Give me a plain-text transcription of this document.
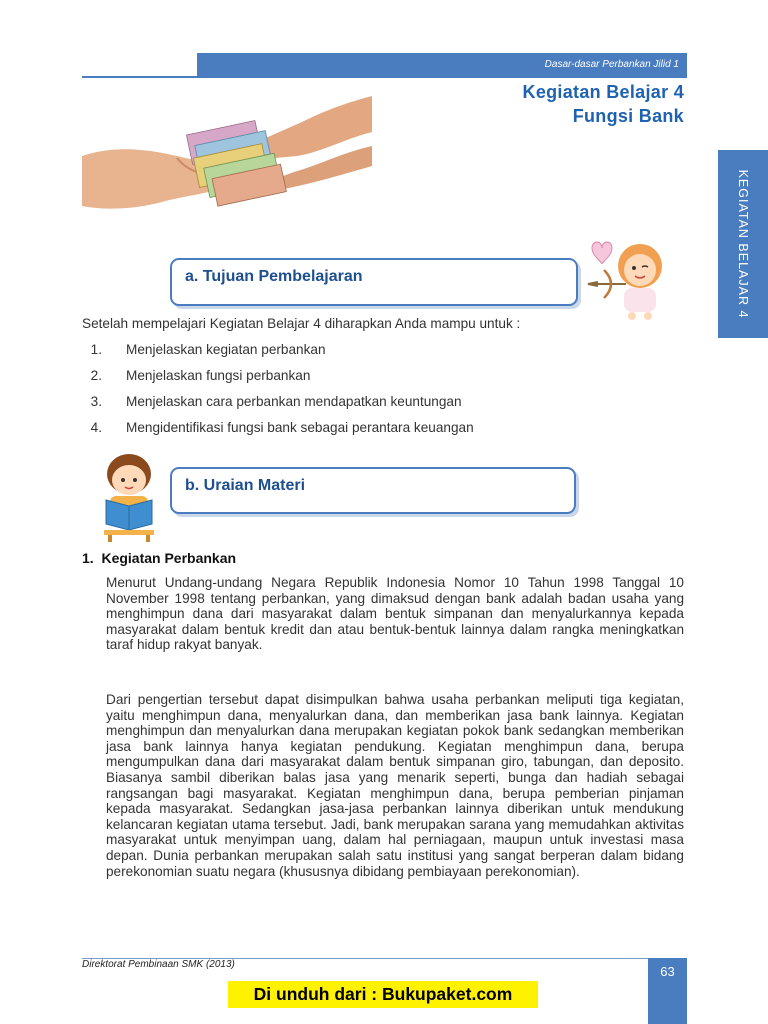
Dasar-dasar Perbankan Jilid 1
Kegiatan Belajar 4
Fungsi Bank
KEGIATAN BELAJAR 4
a. Tujuan Pembelajaran
Setelah mempelajari Kegiatan Belajar 4 diharapkan Anda mampu untuk :
1. Menjelaskan kegiatan perbankan
2. Menjelaskan fungsi perbankan
3. Menjelaskan cara perbankan mendapatkan keuntungan
4. Mengidentifikasi fungsi bank sebagai perantara keuangan
b. Uraian Materi
1.  Kegiatan Perbankan
Menurut Undang-undang Negara Republik Indonesia Nomor 10 Tahun 1998 Tanggal 10 November 1998 tentang perbankan, yang dimaksud dengan bank adalah badan usaha yang menghimpun dana dari masyarakat dalam bentuk simpanan dan menyalurkannya kepada masyarakat dalam bentuk kredit dan atau bentuk-bentuk lainnya dalam rangka meningkatkan taraf hidup rakyat banyak.
Dari pengertian tersebut dapat disimpulkan bahwa usaha perbankan meliputi tiga kegiatan, yaitu menghimpun dana, menyalurkan dana, dan memberikan jasa bank lainnya. Kegiatan menghimpun dan menyalurkan dana merupakan kegiatan pokok bank sedangkan memberikan jasa bank lainnya hanya kegiatan pendukung. Kegiatan menghimpun dana, berupa mengumpulkan dana dari masyarakat dalam bentuk simpanan giro, tabungan, dan deposito. Biasanya sambil diberikan balas jasa yang menarik seperti, bunga dan hadiah sebagai rangsangan bagi masyarakat. Kegiatan menghimpun dana, berupa pemberian pinjaman kepada masyarakat. Sedangkan jasa-jasa perbankan lainnya diberikan untuk mendukung kelancaran kegiatan utama tersebut. Jadi, bank merupakan sarana yang memudahkan aktivitas masyarakat untuk menyimpan uang, dalam hal perniagaan, maupun untuk investasi masa depan. Dunia perbankan merupakan salah satu institusi yang sangat berperan dalam bidang perekonomian suatu negara (khususnya dibidang pembiayaan perekonomian).
Direktorat Pembinaan SMK (2013)	63
Di unduh dari : Bukupaket.com
